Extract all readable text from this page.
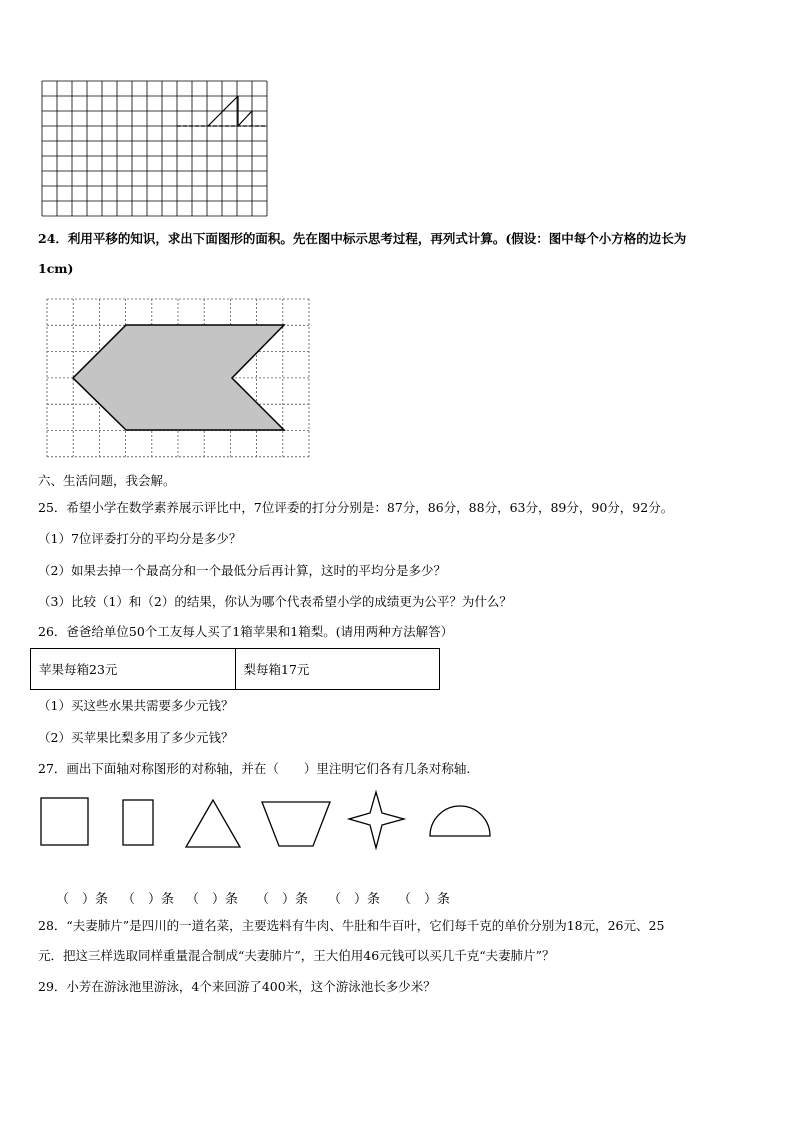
24．利用平移的知识，求出下面图形的面积。先在图中标示思考过程，再列式计算。(假设：图中每个小方格的边长为
1cm)
六、生活问题，我会解。
25．希望小学在数学素养展示评比中，7位评委的打分分别是：87分，86分，88分，63分，89分，90分，92分。
（1）7位评委打分的平均分是多少？
（2）如果去掉一个最高分和一个最低分后再计算，这时的平均分是多少？
（3）比较（1）和（2）的结果，你认为哪个代表希望小学的成绩更为公平？为什么？
26．爸爸给单位50个工友每人买了1箱苹果和1箱梨。(请用两种方法解答）
苹果每箱23元	梨每箱17元
（1）买这些水果共需要多少元钱？
（2）买苹果比梨多用了多少元钱？
27．画出下面轴对称图形的对称轴，并在（　　）里注明它们各有几条对称轴.
（　）条 （　）条 （　）条 （　）条 （　）条 （　）条
28．“夫妻肺片”是四川的一道名菜，主要选料有牛肉、牛肚和牛百叶，它们每千克的单价分别为18元，26元、25
元．把这三样选取同样重量混合制成“夫妻肺片”，王大伯用46元钱可以买几千克“夫妻肺片”？
29．小芳在游泳池里游泳，4个来回游了400米，这个游泳池长多少米？
